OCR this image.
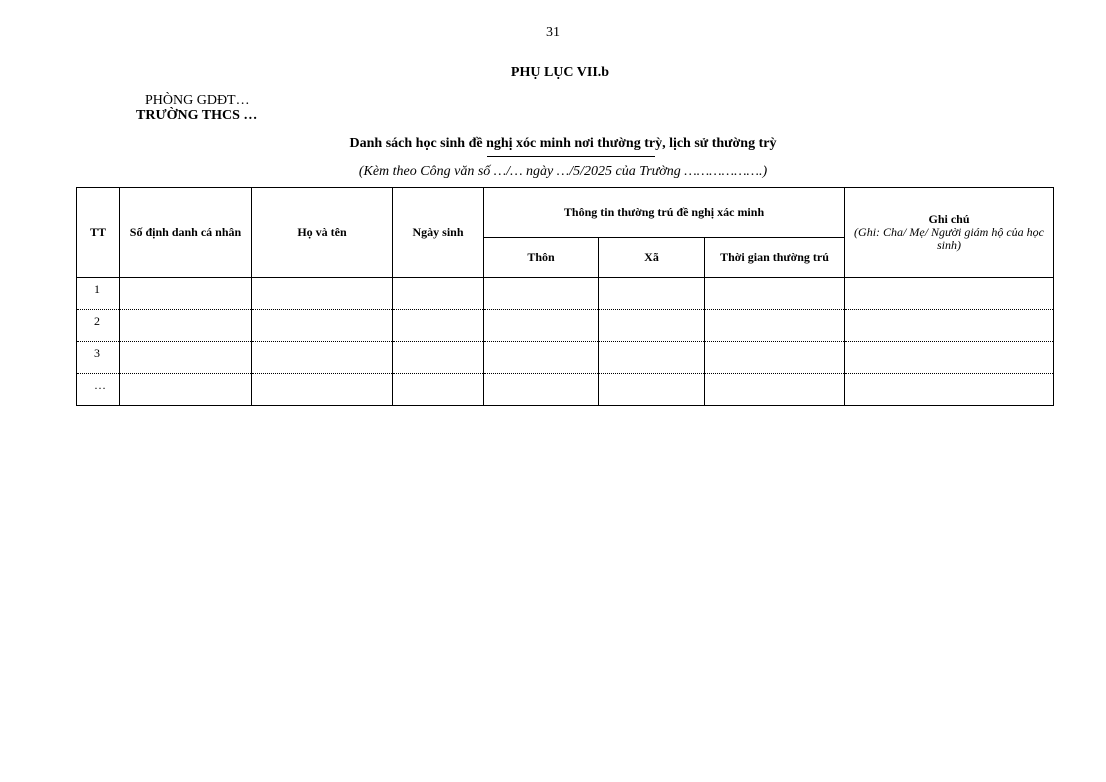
31
PHỤ LỤC VII.b
PHÒNG GDĐT…
TRƯỜNG THCS …
Danh sách học sinh đề nghị xóc minh nơi thường trỳ, lịch sử thường trỳ
(Kèm theo Công văn số …/… ngày …/5/2025 của Trường ……………….)
TT	Số định danh cá nhân	Họ và tên	Ngày sinh	Thông tin thường trú đề nghị xác minh			Ghi chú
(Ghi: Cha/ Mẹ/ Người giám hộ của học sinh)

				Thôn	Xã	Thời gian thường trú	
1							
2							
3							
…							
